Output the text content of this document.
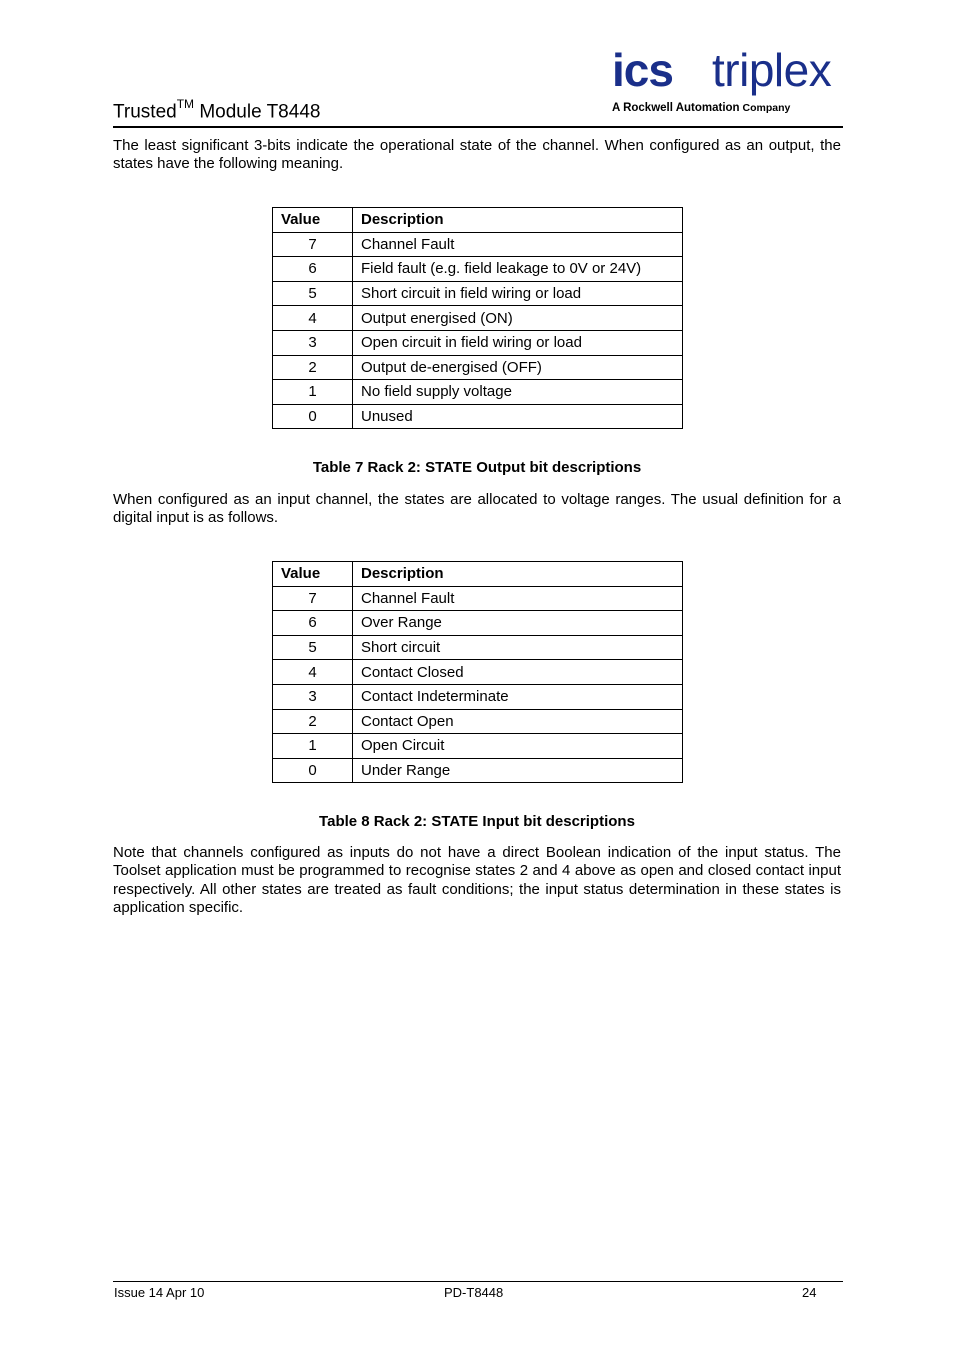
Trusted™ Module T8448
ics triplex
A Rockwell Automation Company
The least significant 3-bits indicate the operational state of the channel. When configured as an output, the states have the following meaning.
Value	Description
7	Channel Fault
6	Field fault (e.g. field leakage to 0V or 24V)
5	Short circuit in field wiring or load
4	Output energised (ON)
3	Open circuit in field wiring or load
2	Output de-energised (OFF)
1	No field supply voltage
0	Unused
Table 7 Rack 2: STATE Output bit descriptions
When configured as an input channel, the states are allocated to voltage ranges. The usual definition for a digital input is as follows.
Value	Description
7	Channel Fault
6	Over Range
5	Short circuit
4	Contact Closed
3	Contact Indeterminate
2	Contact Open
1	Open Circuit
0	Under Range
Table 8 Rack 2: STATE Input bit descriptions
Note that channels configured as inputs do not have a direct Boolean indication of the input status. The Toolset application must be programmed to recognise states 2 and 4 above as open and closed contact input respectively. All other states are treated as fault conditions; the input status determination in these states is application specific.
Issue 14 Apr 10	PD-T8448	24
